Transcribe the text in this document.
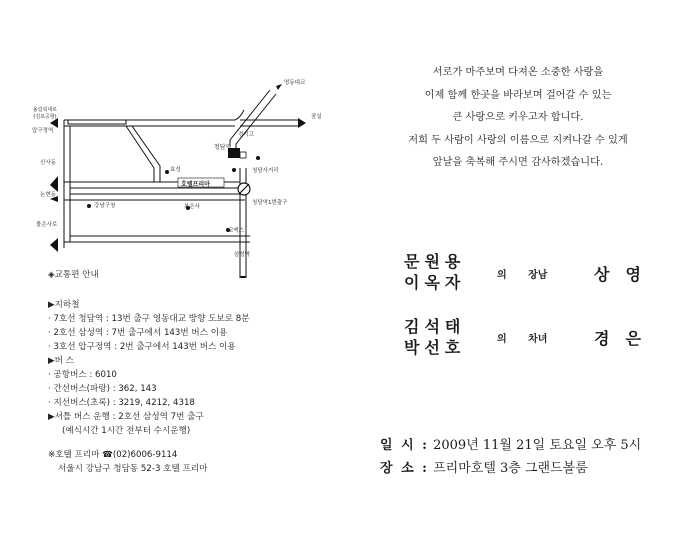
영동대교
잠실
올림픽대로
(김포공항)
압구정역
신사동
논현동
몰은사로
경기고
청담역
청담사거리
효성
호텔프리마
강남구청	봉은사
청담역1번출구
코엑스
삼성역
◈교통편 안내
▶지하철
· 7호선 청담역 : 13번 출구 영동대교 방향 도보로 8분
· 2호선 삼성역 : 7번 출구에서 143번 버스 이용
· 3호선 압구정역 : 2번 출구에서 143번 버스 이용
▶버 스
· 공항버스 : 6010
· 간선버스(파랑) : 362, 143
· 지선버스(초록) : 3219, 4212, 4318
▶셔틀 버스 운행 : 2호선 삼성역 7번 출구
(예식시간 1시간 전부터 수시운행)
※호텔 프리마 ☎(02)6006-9114
서울시 강남구 청담동 52-3 호텔 프리마
서로가 마주보며 다져온 소중한 사랑을
이제 함께 한곳을 바라보며 걸어갈 수 있는
큰 사랑으로 키우고자 합니다.
저희 두 사람이 사랑의 이름으로 지켜나갈 수 있게
앞날을 축복해 주시면 감사하겠습니다.
문원용
이옥자	의 장남	상영
김석태
박선호	의 차녀	경은
일 시 : 2009년 11월 21일 토요일 오후 5시
장 소 : 프리마호텔 3층 그랜드볼룸
